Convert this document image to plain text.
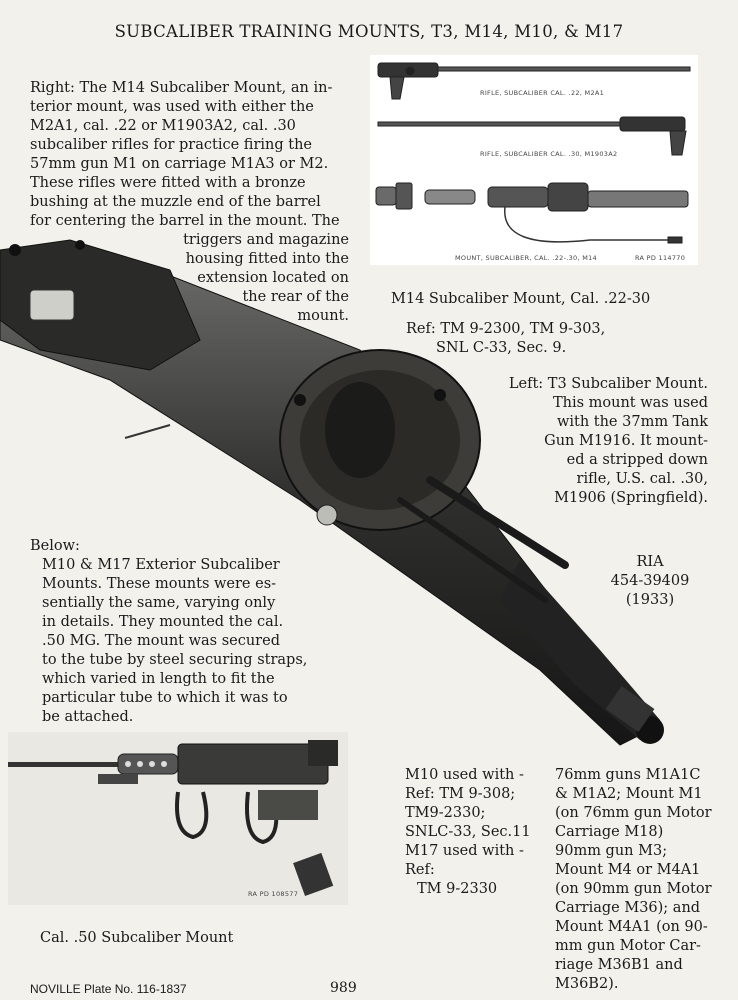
SUBCALIBER TRAINING MOUNTS, T3, M14, M10, & M17
Right: The M14 Subcaliber Mount, an in-
terior mount, was used with either the
M2A1, cal. .22 or M1903A2, cal. .30
subcaliber rifles for practice firing the
57mm gun M1 on carriage M1A3 or M2.
These rifles were fitted with a bronze
bushing at the muzzle end of the barrel
for centering the barrel in the mount. The
triggers and magazine
housing fitted into the
extension located on
the rear of the
mount.
RIFLE, SUBCALIBER CAL. .22, M2A1
RIFLE, SUBCALIBER CAL. .30, M1903A2
MOUNT, SUBCALIBER, CAL. .22-.30, M14	RA PD 114770
M14 Subcaliber Mount, Cal. .22-30
Ref: TM 9-2300, TM 9-303,
SNL C-33, Sec. 9.
Left: T3 Subcaliber Mount.
This mount was used
with the 37mm Tank
Gun M1916. It mount-
ed a stripped down
rifle, U.S. cal. .30,
M1906 (Springfield).
RIA
454-39409
(1933)
Below:
M10 & M17 Exterior Subcaliber
Mounts. These mounts were es-
sentially the same, varying only
in details. They mounted the cal.
.50 MG. The mount was secured
to the tube by steel securing straps,
which varied in length to fit the
particular tube to which it was to
be attached.
RA PD 108577
Cal. .50 Subcaliber Mount
M10 used with -
Ref: TM 9-308;
TM9-2330;
SNLC-33, Sec.11
M17 used with -
Ref:
TM 9-2330
76mm guns M1A1C
& M1A2; Mount M1
(on 76mm gun Motor
Carriage M18)
90mm gun M3;
Mount M4 or M4A1
(on 90mm gun Motor
Carriage M36); and
Mount M4A1 (on 90-
mm gun Motor Car-
riage M36B1 and
M36B2).
NOVILLE Plate No. 116-1837	989
